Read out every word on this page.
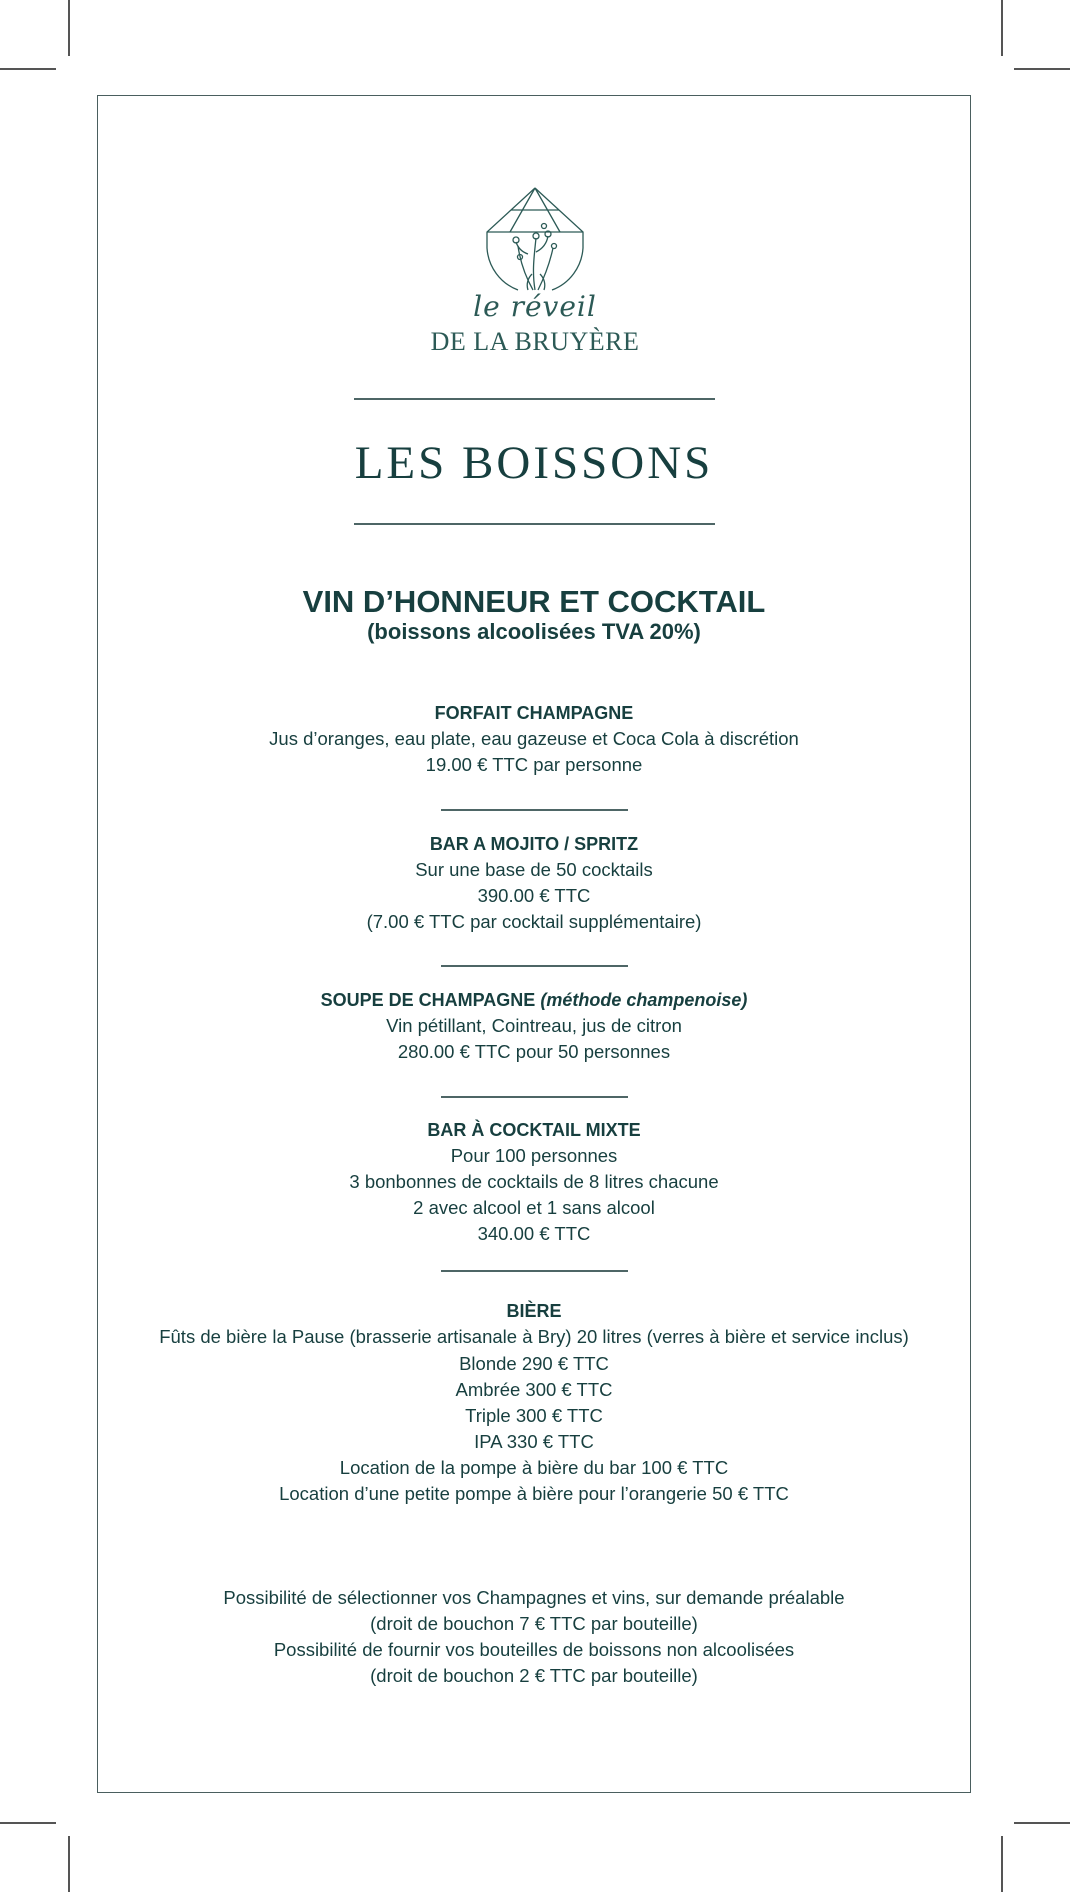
le réveil
DE LA BRUYÈRE
LES BOISSONS
VIN D’HONNEUR ET COCKTAIL
(boissons alcoolisées TVA 20%)
FORFAIT CHAMPAGNE
Jus d’oranges, eau plate, eau gazeuse et Coca Cola à discrétion
19.00 € TTC par personne
BAR A MOJITO / SPRITZ
Sur une base de 50 cocktails
390.00 € TTC
(7.00 € TTC par cocktail supplémentaire)
SOUPE DE CHAMPAGNE (méthode champenoise)
Vin pétillant, Cointreau, jus de citron
280.00 € TTC pour 50 personnes
BAR À COCKTAIL MIXTE
Pour 100 personnes
3 bonbonnes de cocktails de 8 litres chacune
2 avec alcool et 1 sans alcool
340.00 € TTC
BIÈRE
Fûts de bière la Pause (brasserie artisanale à Bry) 20 litres (verres à bière et service inclus)
Blonde 290 € TTC
Ambrée 300 € TTC
Triple 300 € TTC
IPA 330 € TTC
Location de la pompe à bière du bar 100 € TTC
Location d’une petite pompe à bière pour l’orangerie 50 € TTC
Possibilité de sélectionner vos Champagnes et vins, sur demande préalable
(droit de bouchon 7 € TTC par bouteille)
Possibilité de fournir vos bouteilles de boissons non alcoolisées
(droit de bouchon 2 € TTC par bouteille)
